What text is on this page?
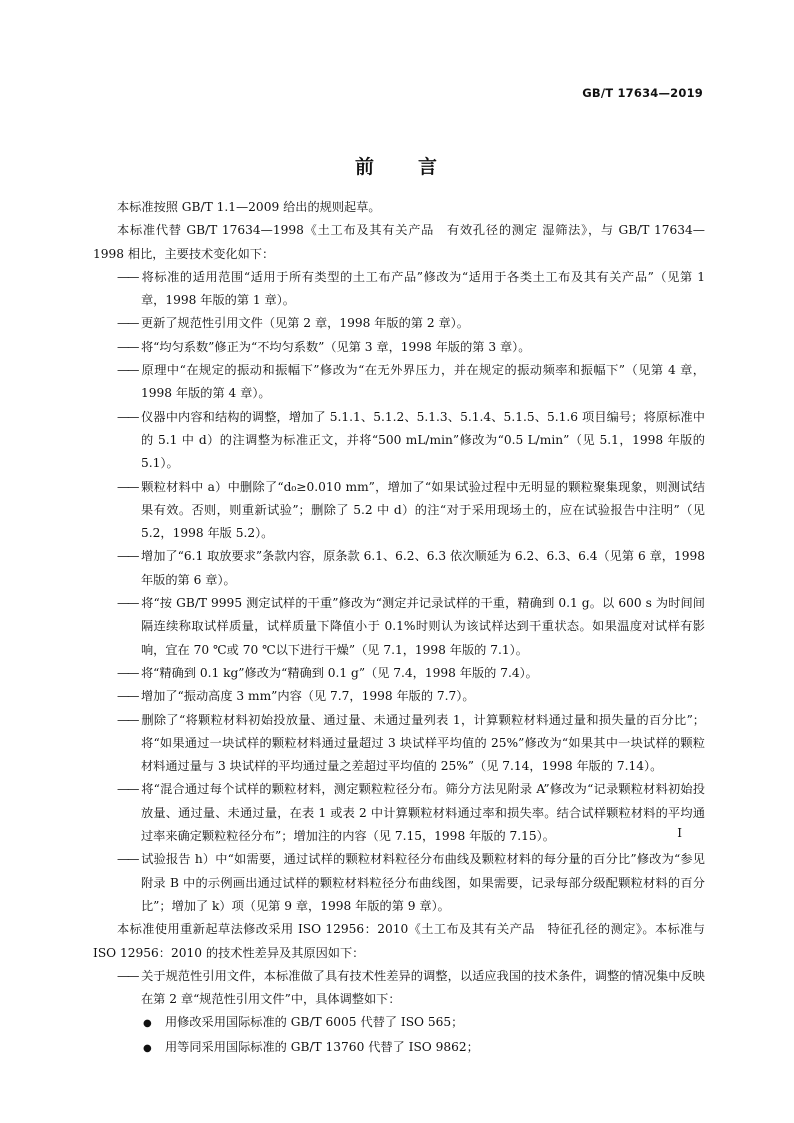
GB/T 17634—2019
前　　言

本标准按照 GB/T 1.1—2009 给出的规则起草。

本标准代替 GB/T 17634—1998《土工布及其有关产品　有效孔径的测定 湿筛法》，与 GB/T 17634—1998 相比，主要技术变化如下：

—— 将标准的适用范围“适用于所有类型的土工布产品”修改为“适用于各类土工布及其有关产品”（见第 1 章，1998 年版的第 1 章）。

—— 更新了规范性引用文件（见第 2 章，1998 年版的第 2 章）。

—— 将“均匀系数”修正为“不均匀系数”（见第 3 章，1998 年版的第 3 章）。

—— 原理中“在规定的振动和振幅下”修改为“在无外界压力，并在规定的振动频率和振幅下”（见第 4 章，1998 年版的第 4 章）。

—— 仪器中内容和结构的调整，增加了 5.1.1、5.1.2、5.1.3、5.1.4、5.1.5、5.1.6 项目编号；将原标准中的 5.1 中 d）的注调整为标准正文，并将“500 mL/min”修改为“0.5 L/min”（见 5.1，1998 年版的 5.1）。

—— 颗粒材料中 a）中删除了“d₀≥0.010 mm”，增加了“如果试验过程中无明显的颗粒聚集现象，则测试结果有效。否则，则重新试验”；删除了 5.2 中 d）的注“对于采用现场土的，应在试验报告中注明”（见 5.2，1998 年版 5.2）。

—— 增加了“6.1 取放要求”条款内容，原条款 6.1、6.2、6.3 依次顺延为 6.2、6.3、6.4（见第 6 章，1998 年版的第 6 章）。

—— 将“按 GB/T 9995 测定试样的干重”修改为“测定并记录试样的干重，精确到 0.1 g。以 600 s 为时间间隔连续称取试样质量，试样质量下降值小于 0.1%时则认为该试样达到干重状态。如果温度对试样有影响，宜在 70 ℃或 70 ℃以下进行干燥”（见 7.1，1998 年版的 7.1）。

—— 将“精确到 0.1 kg”修改为“精确到 0.1 g”（见 7.4，1998 年版的 7.4）。

—— 增加了“振动高度 3 mm”内容（见 7.7，1998 年版的 7.7）。

—— 删除了“将颗粒材料初始投放量、通过量、未通过量列表 1，计算颗粒材料通过量和损失量的百分比”；将“如果通过一块试样的颗粒材料通过量超过 3 块试样平均值的 25%”修改为“如果其中一块试样的颗粒材料通过量与 3 块试样的平均通过量之差超过平均值的 25%”（见 7.14，1998 年版的 7.14）。

—— 将“混合通过每个试样的颗粒材料，测定颗粒粒径分布。筛分方法见附录 A”修改为“记录颗粒材料初始投放量、通过量、未通过量，在表 1 或表 2 中计算颗粒材料通过率和损失率。结合试样颗粒材料的平均通过率来确定颗粒粒径分布”；增加注的内容（见 7.15，1998 年版的 7.15）。

—— 试验报告 h）中“如需要，通过试样的颗粒材料粒径分布曲线及颗粒材料的每分量的百分比”修改为“参见附录 B 中的示例画出通过试样的颗粒材料粒径分布曲线图，如果需要，记录每部分级配颗粒材料的百分比”；增加了 k）项（见第 9 章，1998 年版的第 9 章）。

本标准使用重新起草法修改采用 ISO 12956：2010《土工布及其有关产品　特征孔径的测定》。本标准与 ISO 12956：2010 的技术性差异及其原因如下：

—— 关于规范性引用文件，本标准做了具有技术性差异的调整，以适应我国的技术条件，调整的情况集中反映在第 2 章“规范性引用文件”中，具体调整如下：

● 用修改采用国际标准的 GB/T 6005 代替了 ISO 565；

● 用等同采用国际标准的 GB/T 13760 代替了 ISO 9862；

I
